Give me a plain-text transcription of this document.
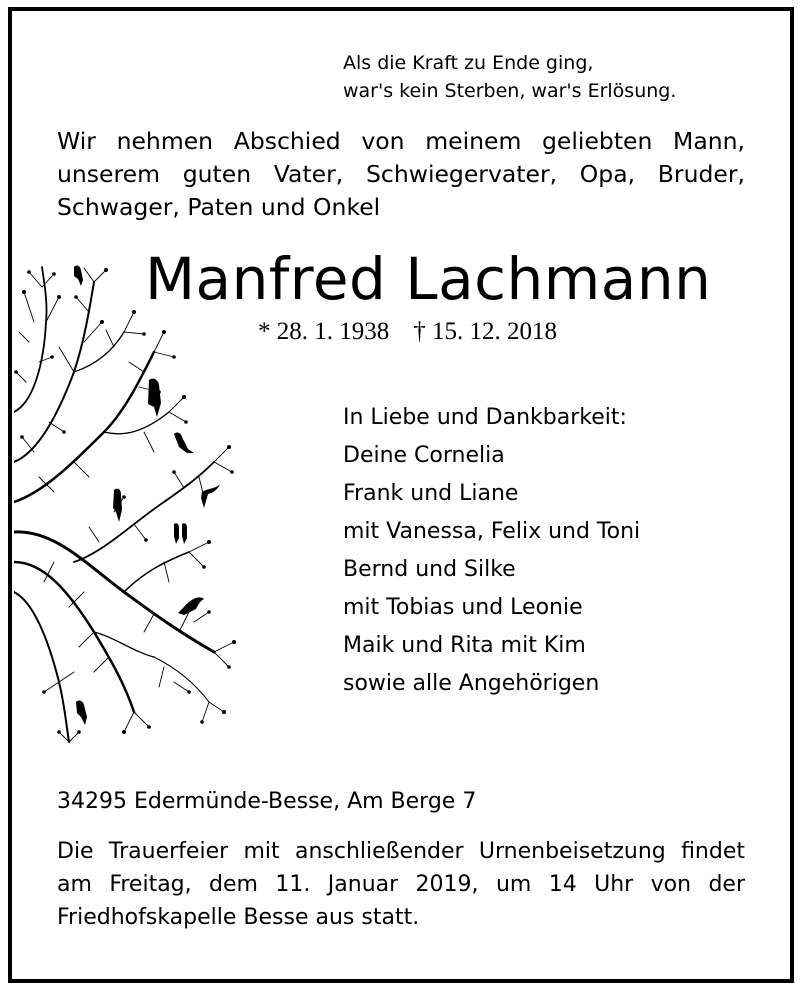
Als die Kraft zu Ende ging,
war's kein Sterben, war's Erlösung.
Wir nehmen Abschied von meinem geliebten Mann, unserem guten Vater, Schwiegervater, Opa, Bruder, Schwager, Paten und Onkel
Manfred Lachmann
* 28. 1. 1938 † 15. 12. 2018
In Liebe und Dankbarkeit:
Deine Cornelia
Frank und Liane
mit Vanessa, Felix und Toni
Bernd und Silke
mit Tobias und Leonie
Maik und Rita mit Kim
sowie alle Angehörigen
34295 Edermünde-Besse, Am Berge 7
Die Trauerfeier mit anschließender Urnenbeisetzung findet am Freitag, dem 11. Januar 2019, um 14 Uhr von der Friedhofskapelle Besse aus statt.
